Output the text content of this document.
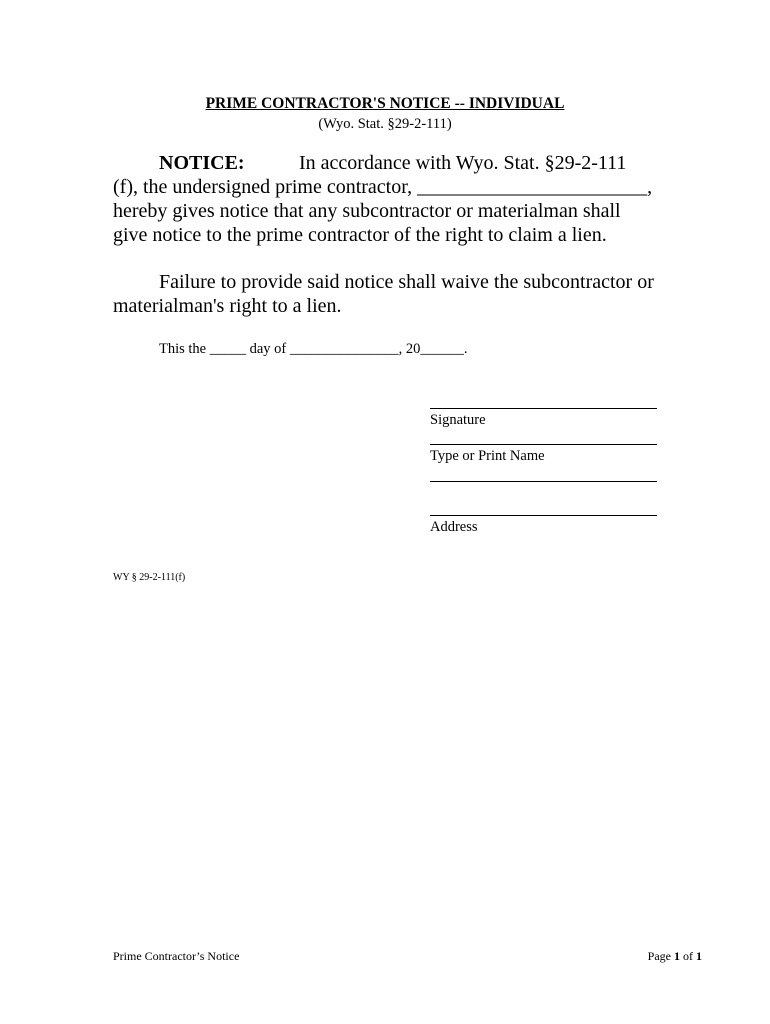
PRIME CONTRACTOR'S NOTICE -- INDIVIDUAL
(Wyo. Stat. §29-2-111)
NOTICE:	In accordance with Wyo. Stat. §29-2-111
(f), the undersigned prime contractor, _______________________,
hereby gives notice that any subcontractor or materialman shall
give notice to the prime contractor of the right to claim a lien.
Failure to provide said notice shall waive the subcontractor or
materialman's right to a lien.
This the _____ day of _______________, 20______.
Signature
Type or Print Name
Address
WY § 29-2-111(f)
Prime Contractor’s Notice	Page 1 of 1
